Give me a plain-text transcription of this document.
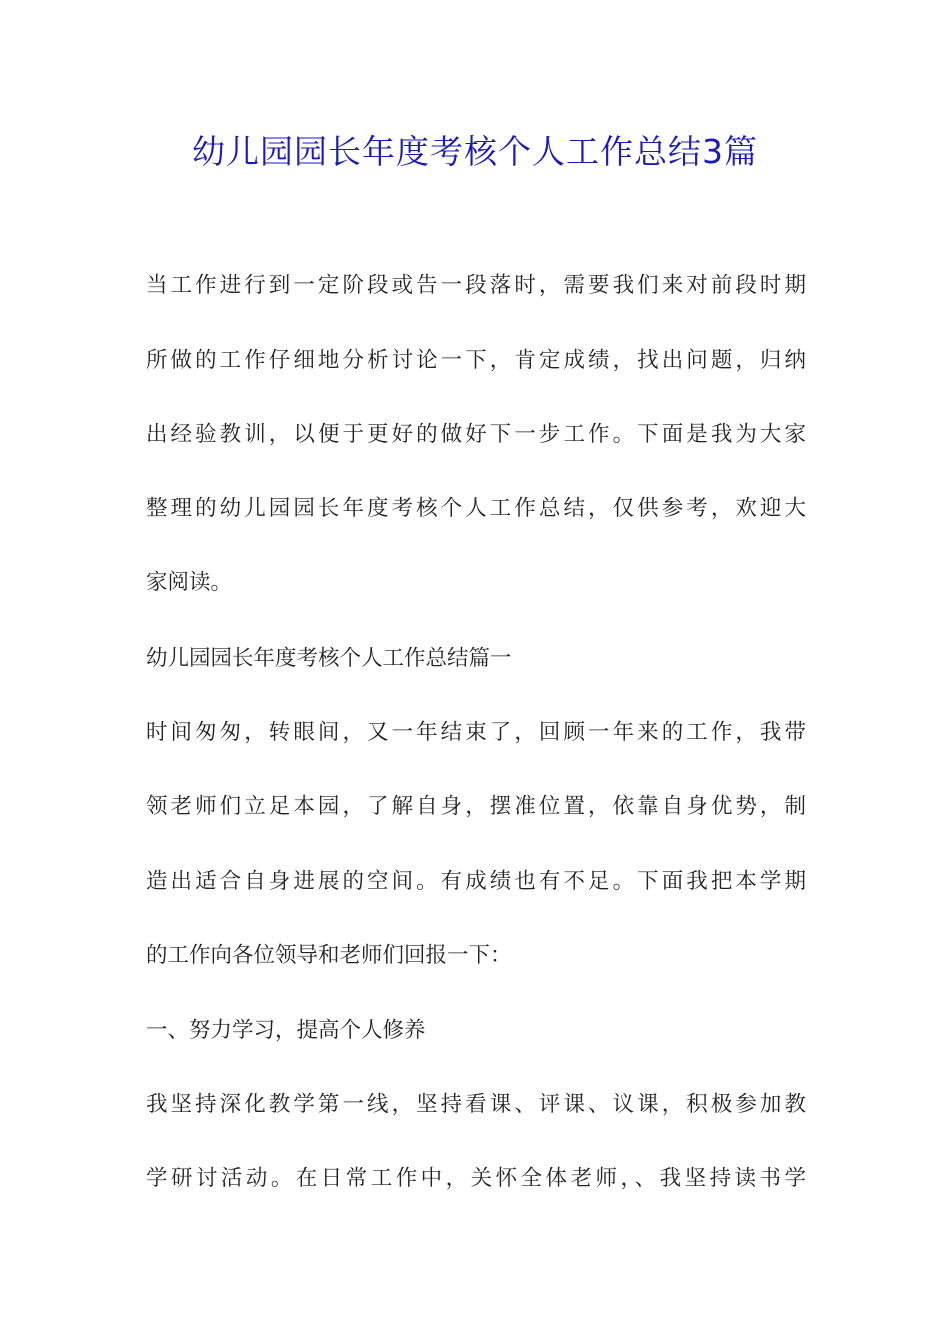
幼儿园园长年度考核个人工作总结3篇

当工作进行到一定阶段或告一段落时，需要我们来对前段时期

所做的工作仔细地分析讨论一下，肯定成绩，找出问题，归纳

出经验教训，以便于更好的做好下一步工作。下面是我为大家

整理的幼儿园园长年度考核个人工作总结，仅供参考，欢迎大

家阅读。

幼儿园园长年度考核个人工作总结篇一

时间匆匆，转眼间，又一年结束了，回顾一年来的工作，我带

领老师们立足本园，了解自身，摆准位置，依靠自身优势，制

造出适合自身进展的空间。有成绩也有不足。下面我把本学期

的工作向各位领导和老师们回报一下：

一、努力学习，提高个人修养

我坚持深化教学第一线，坚持看课、评课、议课，积极参加教

学研讨活动。在日常工作中，关怀全体老师，、我坚持读书学
